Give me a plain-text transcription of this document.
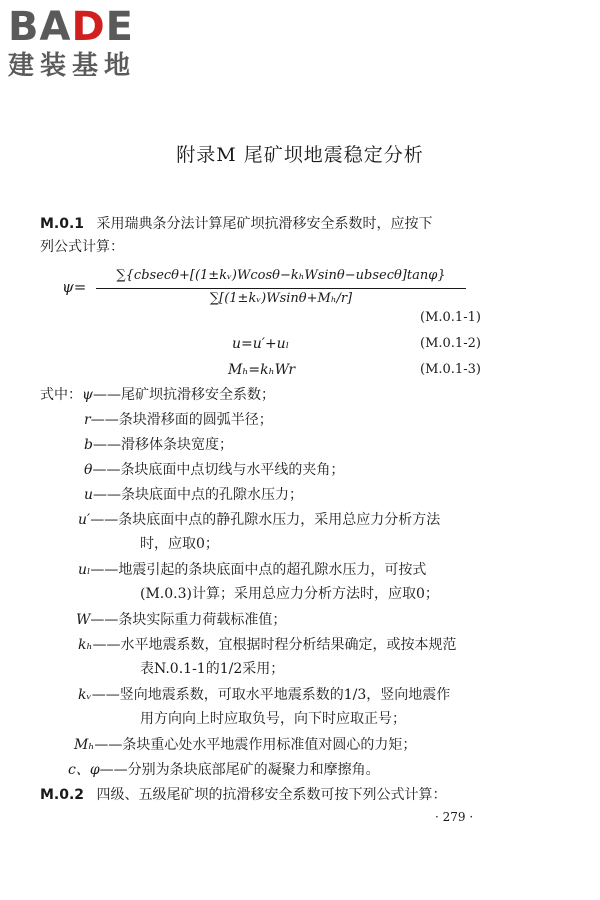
BADE
建装基地
附录M 尾矿坝地震稳定分析
M.0.1 采用瑞典条分法计算尾矿坝抗滑移安全系数时，应按下
列公式计算：
ψ=
∑{cbsecθ+[(1±kᵥ)Wcosθ−kₕWsinθ−ubsecθ]tanφ}
∑[(1±kᵥ)Wsinθ+Mₕ/r]
(M.0.1-1)
u=u′+uₗ	(M.0.1-2)
Mₕ=kₕWr	(M.0.1-3)
式中：ψ——尾矿坝抗滑移安全系数；
r——条块滑移面的圆弧半径；
b——滑移体条块宽度；
θ——条块底面中点切线与水平线的夹角；
u——条块底面中点的孔隙水压力；
u′——条块底面中点的静孔隙水压力，采用总应力分析方法
时，应取0；
uₗ——地震引起的条块底面中点的超孔隙水压力，可按式
(M.0.3)计算；采用总应力分析方法时，应取0；
W——条块实际重力荷载标准值；
kₕ——水平地震系数，宜根据时程分析结果确定，或按本规范
表N.0.1-1的1/2采用；
kᵥ——竖向地震系数，可取水平地震系数的1/3，竖向地震作
用方向向上时应取负号，向下时应取正号；
Mₕ——条块重心处水平地震作用标准值对圆心的力矩；
c、φ——分别为条块底部尾矿的凝聚力和摩擦角。
M.0.2 四级、五级尾矿坝的抗滑移安全系数可按下列公式计算：
· 279 ·
